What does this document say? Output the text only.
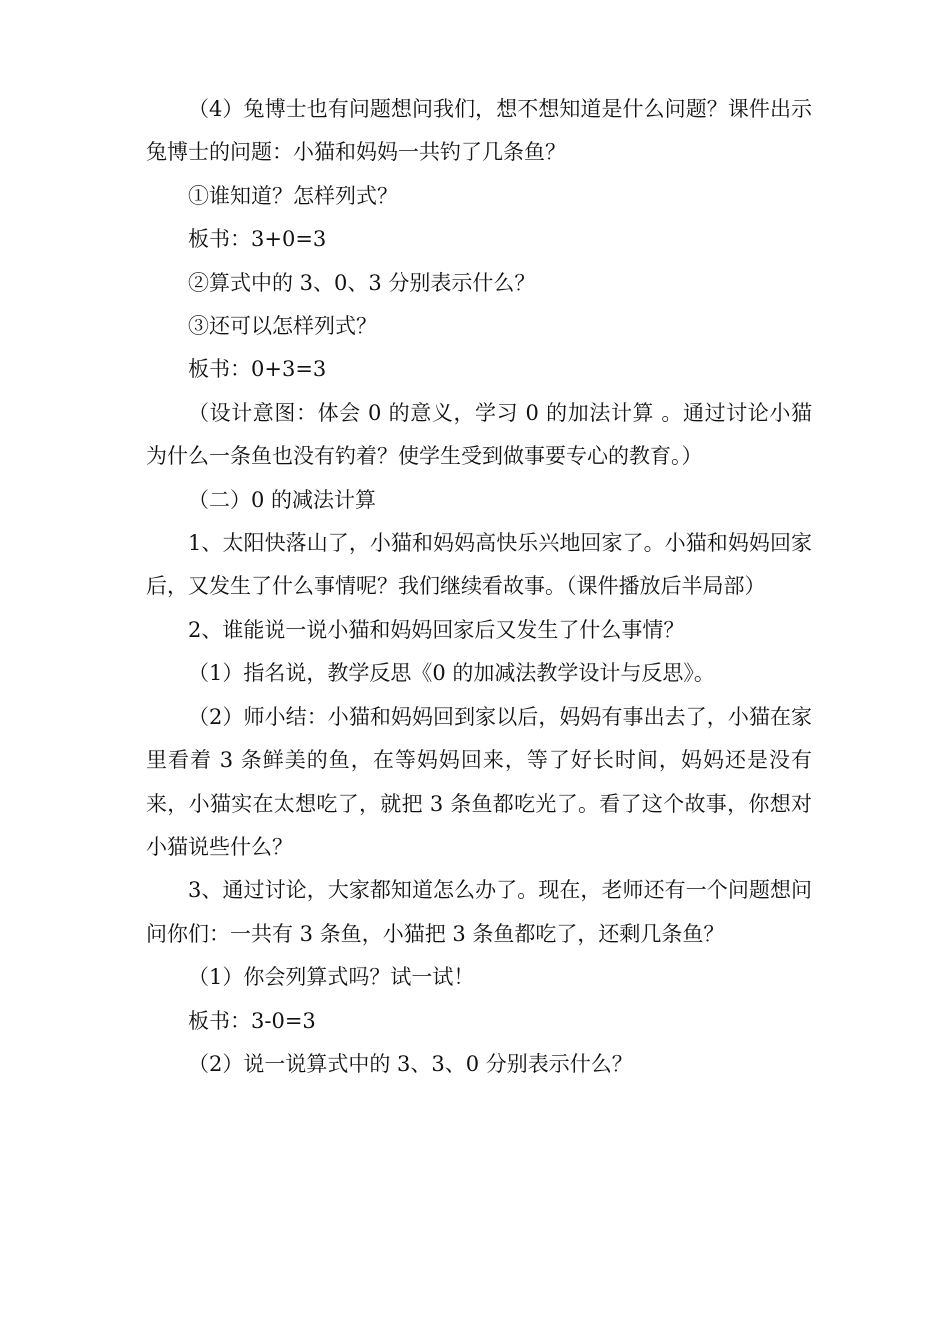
（4）兔博士也有问题想问我们，想不想知道是什么问题？课件出示兔博士的问题：小猫和妈妈一共钓了几条鱼？

①谁知道？怎样列式？

板书：3+0=3

②算式中的 3、0、3 分别表示什么？

③还可以怎样列式？

板书：0+3=3

（设计意图：体会 0 的意义，学习 0 的加法计算 。通过讨论小猫为什么一条鱼也没有钓着？使学生受到做事要专心的教育。）

（二）0 的减法计算

1、太阳快落山了，小猫和妈妈高快乐兴地回家了。小猫和妈妈回家后，又发生了什么事情呢？我们继续看故事。（课件播放后半局部）

2、谁能说一说小猫和妈妈回家后又发生了什么事情？

（1）指名说，教学反思《0 的加减法教学设计与反思》。

（2）师小结：小猫和妈妈回到家以后，妈妈有事出去了，小猫在家里看着 3 条鲜美的鱼，在等妈妈回来，等了好长时间，妈妈还是没有来，小猫实在太想吃了，就把 3 条鱼都吃光了。看了这个故事，你想对小猫说些什么？

3、通过讨论，大家都知道怎么办了。现在，老师还有一个问题想问问你们：一共有 3 条鱼，小猫把 3 条鱼都吃了，还剩几条鱼？

（1）你会列算式吗？试一试！

板书：3-0=3

（2）说一说算式中的 3、3、0 分别表示什么？
